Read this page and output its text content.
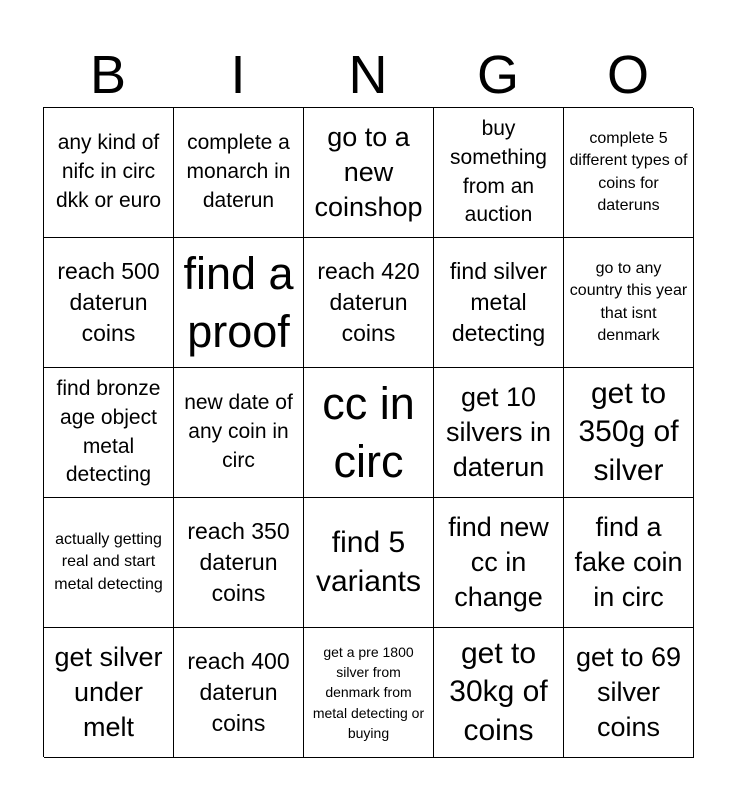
B	I	N	G	O
any kind of nifc in circ dkk or euro
complete a monarch in daterun
go to a new coinshop
buy something from an auction
complete 5 different types of coins for dateruns
reach 500 daterun coins
find a proof
reach 420 daterun coins
find silver metal detecting
go to any country this year that isnt denmark
find bronze age object metal detecting
new date of any coin in circ
cc in circ
get 10 silvers in daterun
get to 350g of silver
actually getting real and start metal detecting
reach 350 daterun coins
find 5 variants
find new cc in change
find a fake coin in circ
get silver under melt
reach 400 daterun coins
get a pre 1800 silver from denmark from metal detecting or buying
get to 30kg of coins
get to 69 silver coins
